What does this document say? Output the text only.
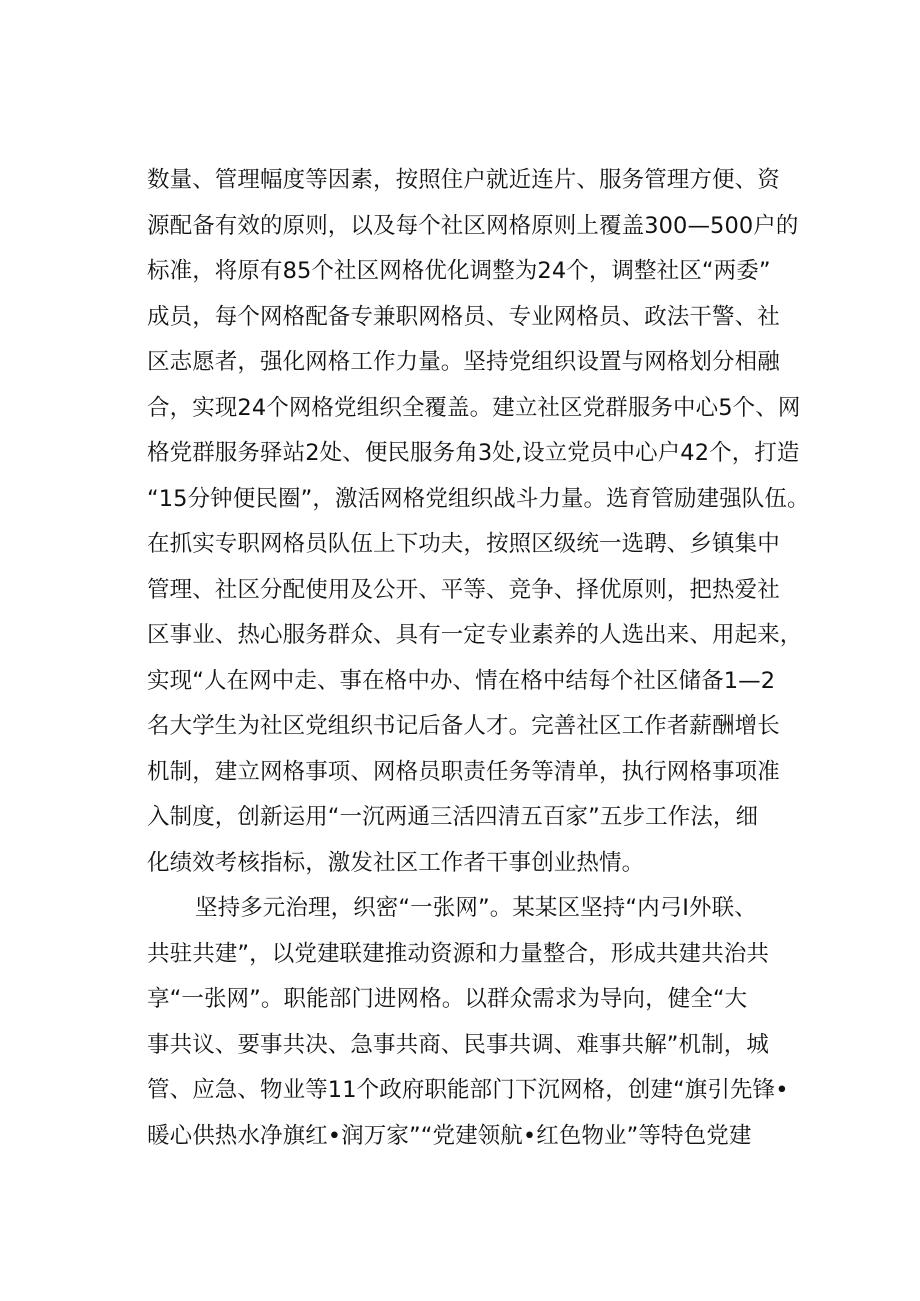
数量、管理幅度等因素，按照住户就近连片、服务管理方便、资
源配备有效的原则，以及每个社区网格原则上覆盖300—500户的
标准，将原有85个社区网格优化调整为24个，调整社区“两委”
成员，每个网格配备专兼职网格员、专业网格员、政法干警、社
区志愿者，强化网格工作力量。坚持党组织设置与网格划分相融
合，实现24个网格党组织全覆盖。建立社区党群服务中心5个、网
格党群服务驿站2处、便民服务角3处,设立党员中心户42个，打造
“15分钟便民圈”，激活网格党组织战斗力量。选育管励建强队伍。
在抓实专职网格员队伍上下功夫，按照区级统一选聘、乡镇集中
管理、社区分配使用及公开、平等、竞争、择优原则，把热爱社
区事业、热心服务群众、具有一定专业素养的人选出来、用起来，
实现“人在网中走、事在格中办、情在格中结每个社区储备1—2
名大学生为社区党组织书记后备人才。完善社区工作者薪酬增长
机制，建立网格事项、网格员职责任务等清单，执行网格事项准
入制度，创新运用“一沉两通三活四清五百家”五步工作法，细
化绩效考核指标，激发社区工作者干事创业热情。
坚持多元治理，织密“一张网”。某某区坚持“内弓I外联、
共驻共建”，以党建联建推动资源和力量整合，形成共建共治共
享“一张网”。职能部门进网格。以群众需求为导向，健全“大
事共议、要事共决、急事共商、民事共调、难事共解”机制，城
管、应急、物业等11个政府职能部门下沉网格，创建“旗引先锋•
暖心供热水净旗红•润万家”“党建领航•红色物业”等特色党建
